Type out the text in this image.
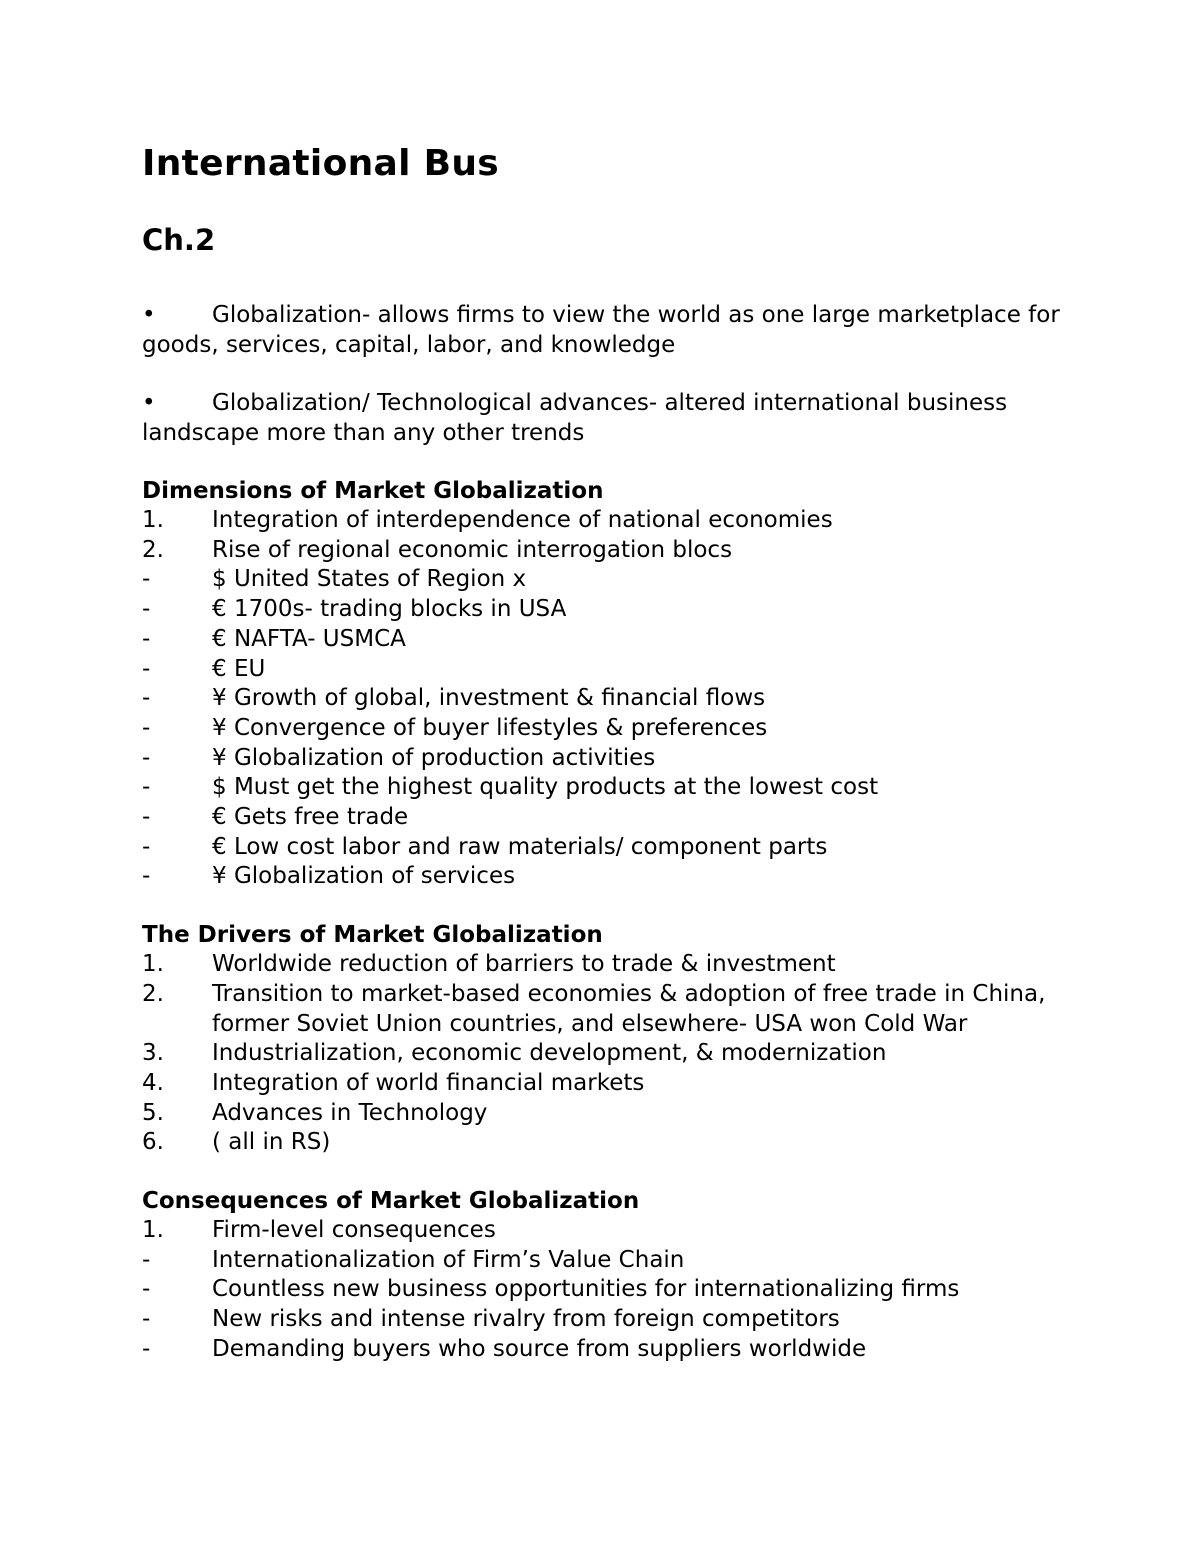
International Bus
Ch.2

• Globalization- allows firms to view the world as one large marketplace for goods, services, capital, labor, and knowledge

• Globalization/ Technological advances- altered international business landscape more than any other trends

Dimensions of Market Globalization

1. Integration of interdependence of national economies

2. Rise of regional economic interrogation blocs

-	$ United States of Region x

-	€ 1700s- trading blocks in USA

-	€ NAFTA- USMCA

-	€ EU

-	¥ Growth of global, investment & financial flows

-	¥ Convergence of buyer lifestyles & preferences

-	¥ Globalization of production activities

-	$ Must get the highest quality products at the lowest cost

-	€ Gets free trade

-	€ Low cost labor and raw materials/ component parts

-	¥ Globalization of services

The Drivers of Market Globalization

1. Worldwide reduction of barriers to trade & investment

2. Transition to market-based economies & adoption of free trade in China, former Soviet Union countries, and elsewhere- USA won Cold War

3. Industrialization, economic development, & modernization

4. Integration of world financial markets

5. Advances in Technology

6. ( all in RS)

Consequences of Market Globalization

1. Firm-level consequences

-	Internationalization of Firm’s Value Chain

-	Countless new business opportunities for internationalizing firms

-	New risks and intense rivalry from foreign competitors

-	Demanding buyers who source from suppliers worldwide
